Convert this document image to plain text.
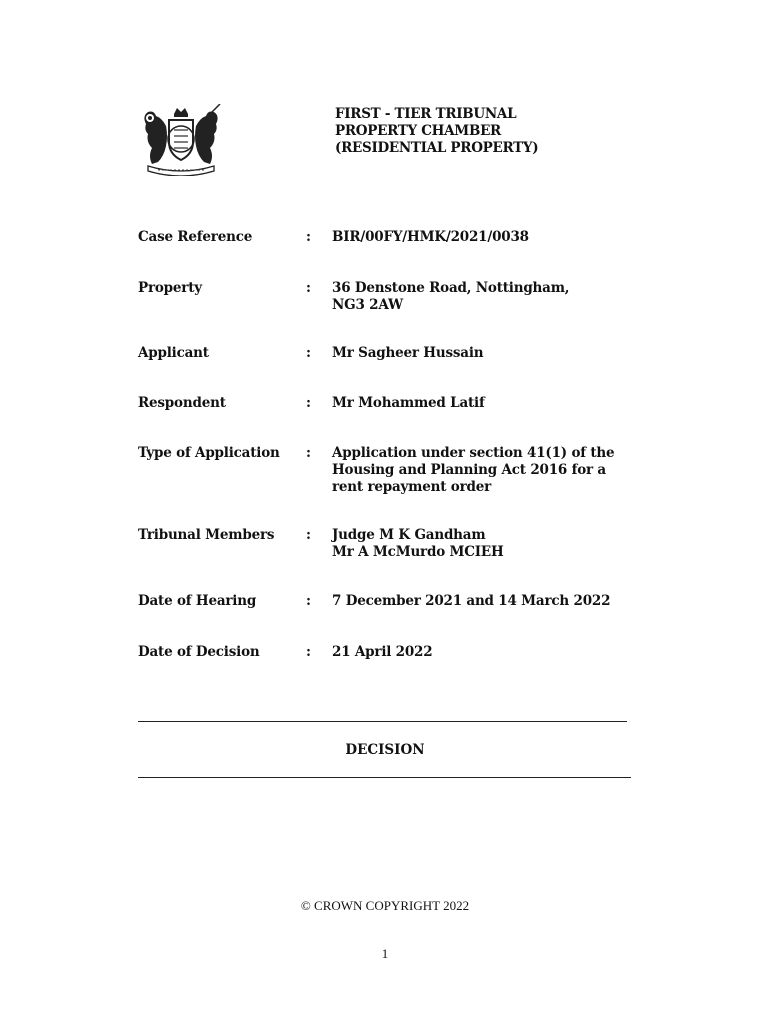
FIRST - TIER TRIBUNAL
PROPERTY CHAMBER
(RESIDENTIAL PROPERTY)
Case Reference	: BIR/00FY/HMK/2021/0038
Property	: 36 Denstone Road, Nottingham,
NG3 2AW
Applicant	: Mr Sagheer Hussain
Respondent	: Mr Mohammed Latif
Type of Application : Application under section 41(1) of the
Housing and Planning Act 2016 for a
rent repayment order
Tribunal Members : Judge M K Gandham
Mr A McMurdo MCIEH
Date of Hearing	: 7 December 2021 and 14 March 2022
Date of Decision	: 21 April 2022
DECISION
© CROWN COPYRIGHT 2022
1
